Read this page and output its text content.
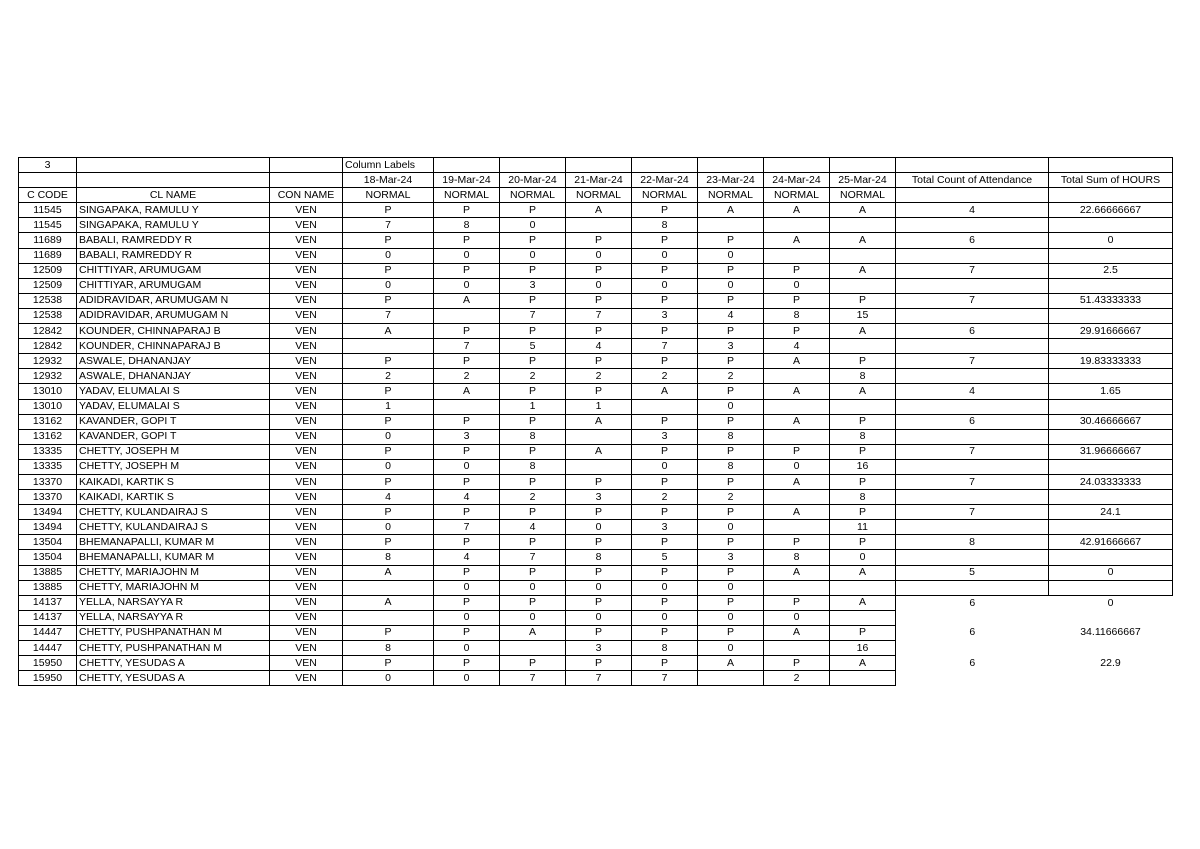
3			Column Labels									
			18-Mar-24	19-Mar-24	20-Mar-24	21-Mar-24	22-Mar-24	23-Mar-24	24-Mar-24	25-Mar-24	Total Count of Attendance	Total Sum of HOURS
C CODE	CL NAME	CON NAME	NORMAL	NORMAL	NORMAL	NORMAL	NORMAL	NORMAL	NORMAL	NORMAL		
11545	SINGAPAKA, RAMULU Y	VEN	P	P	P	A	P	A	A	A	4	22.66666667
11545	SINGAPAKA, RAMULU Y	VEN	7	8	0		8					
11689	BABALI, RAMREDDY R	VEN	P	P	P	P	P	P	A	A	6	0
11689	BABALI, RAMREDDY R	VEN	0	0	0	0	0	0				
12509	CHITTIYAR, ARUMUGAM	VEN	P	P	P	P	P	P	P	A	7	2.5
12509	CHITTIYAR, ARUMUGAM	VEN	0	0	3	0	0	0	0			
12538	ADIDRAVIDAR, ARUMUGAM N	VEN	P	A	P	P	P	P	P	P	7	51.43333333
12538	ADIDRAVIDAR, ARUMUGAM N	VEN	7		7	7	3	4	8	15		
12842	KOUNDER, CHINNAPARAJ B	VEN	A	P	P	P	P	P	P	A	6	29.91666667
12842	KOUNDER, CHINNAPARAJ B	VEN		7	5	4	7	3	4			
12932	ASWALE, DHANANJAY	VEN	P	P	P	P	P	P	A	P	7	19.83333333
12932	ASWALE, DHANANJAY	VEN	2	2	2	2	2	2		8		
13010	YADAV, ELUMALAI S	VEN	P	A	P	P	A	P	A	A	4	1.65
13010	YADAV, ELUMALAI S	VEN	1		1	1		0				
13162	KAVANDER, GOPI T	VEN	P	P	P	A	P	P	A	P	6	30.46666667
13162	KAVANDER, GOPI T	VEN	0	3	8		3	8		8		
13335	CHETTY, JOSEPH M	VEN	P	P	P	A	P	P	P	P	7	31.96666667
13335	CHETTY, JOSEPH M	VEN	0	0	8		0	8	0	16		
13370	KAIKADI, KARTIK S	VEN	P	P	P	P	P	P	A	P	7	24.03333333
13370	KAIKADI, KARTIK S	VEN	4	4	2	3	2	2		8		
13494	CHETTY, KULANDAIRAJ S	VEN	P	P	P	P	P	P	A	P	7	24.1
13494	CHETTY, KULANDAIRAJ S	VEN	0	7	4	0	3	0		11		
13504	BHEMANAPALLI, KUMAR M	VEN	P	P	P	P	P	P	P	P	8	42.91666667
13504	BHEMANAPALLI, KUMAR M	VEN	8	4	7	8	5	3	8	0		
13885	CHETTY, MARIAJOHN M	VEN	A	P	P	P	P	P	A	A	5	0
13885	CHETTY, MARIAJOHN M	VEN		0	0	0	0	0				
14137	YELLA, NARSAYYA R	VEN	A	P	P	P	P	P	P	A	6	0
14137	YELLA, NARSAYYA R	VEN		0	0	0	0	0	0			
14447	CHETTY, PUSHPANATHAN M	VEN	P	P	A	P	P	P	A	P	6	34.11666667
14447	CHETTY, PUSHPANATHAN M	VEN	8	0		3	8	0		16		
15950	CHETTY, YESUDAS A	VEN	P	P	P	P	P	A	P	A	6	22.9
15950	CHETTY, YESUDAS A	VEN	0	0	7	7	7		2			
